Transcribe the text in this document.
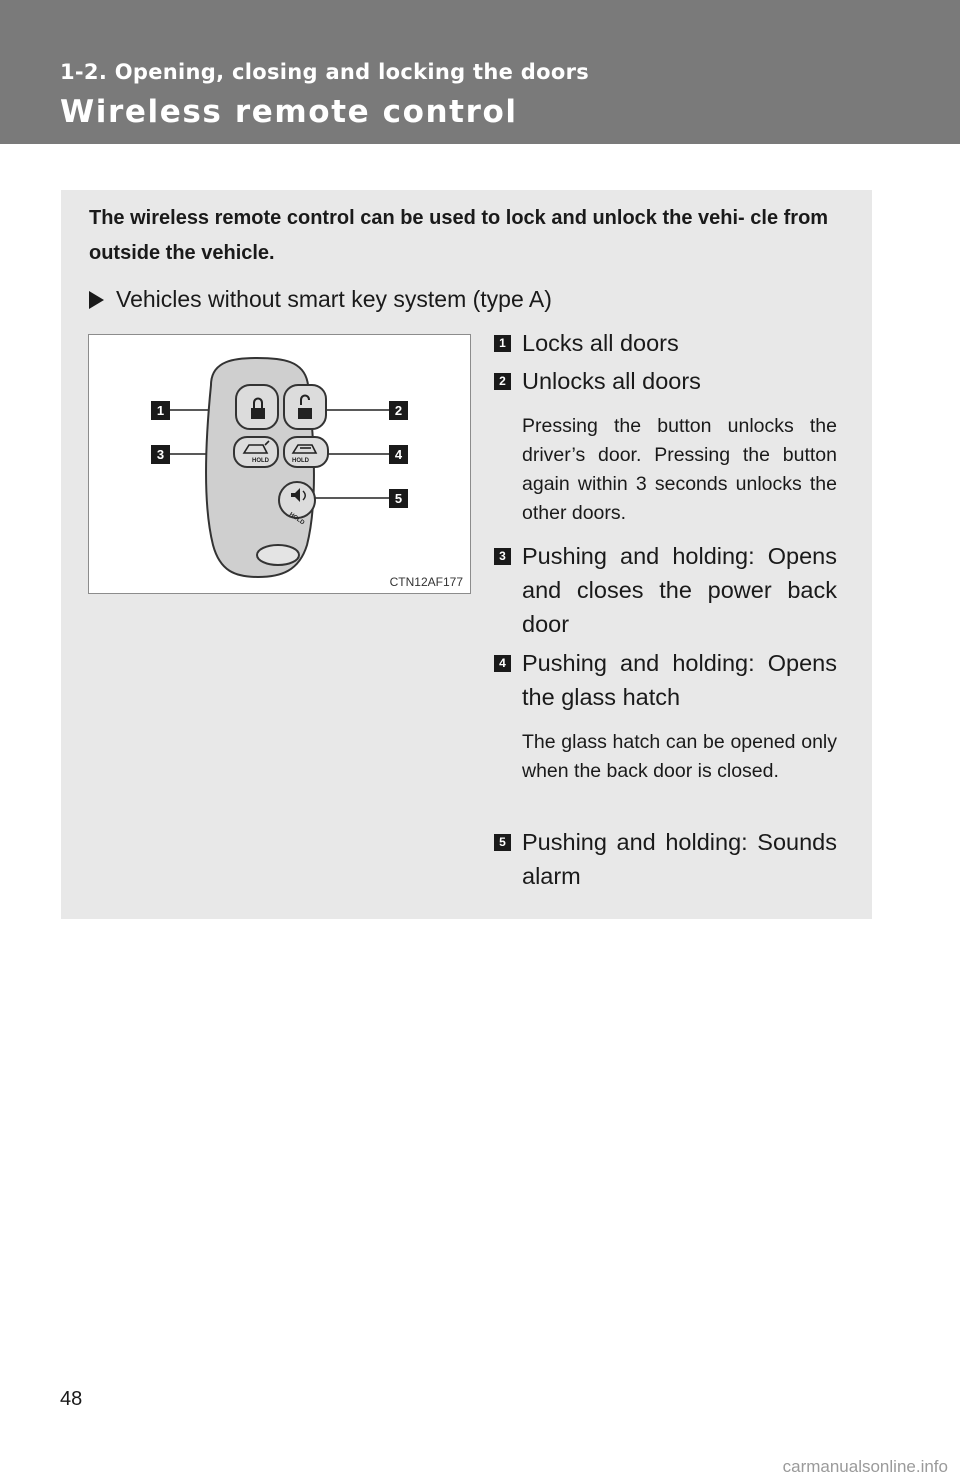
1-2. Opening, closing and locking the doors
Wireless remote control

The wireless remote control can be used to lock and unlock the vehi- cle from outside the vehicle.

Vehicles without smart key system (type A)

HOLD	HOLD
HOLD
1	2
3	4
5
CTN12AF177
1 Locks all doors

2 Unlocks all doors

Pressing the button unlocks the driver’s door. Pressing the button again within 3 seconds unlocks the other doors.

3 Pushing and holding: Opens and closes the power back door

4 Pushing and holding: Opens the glass hatch

The glass hatch can be opened only when the back door is closed.

5 Pushing and holding: Sounds alarm

48

carmanualsonline.info
